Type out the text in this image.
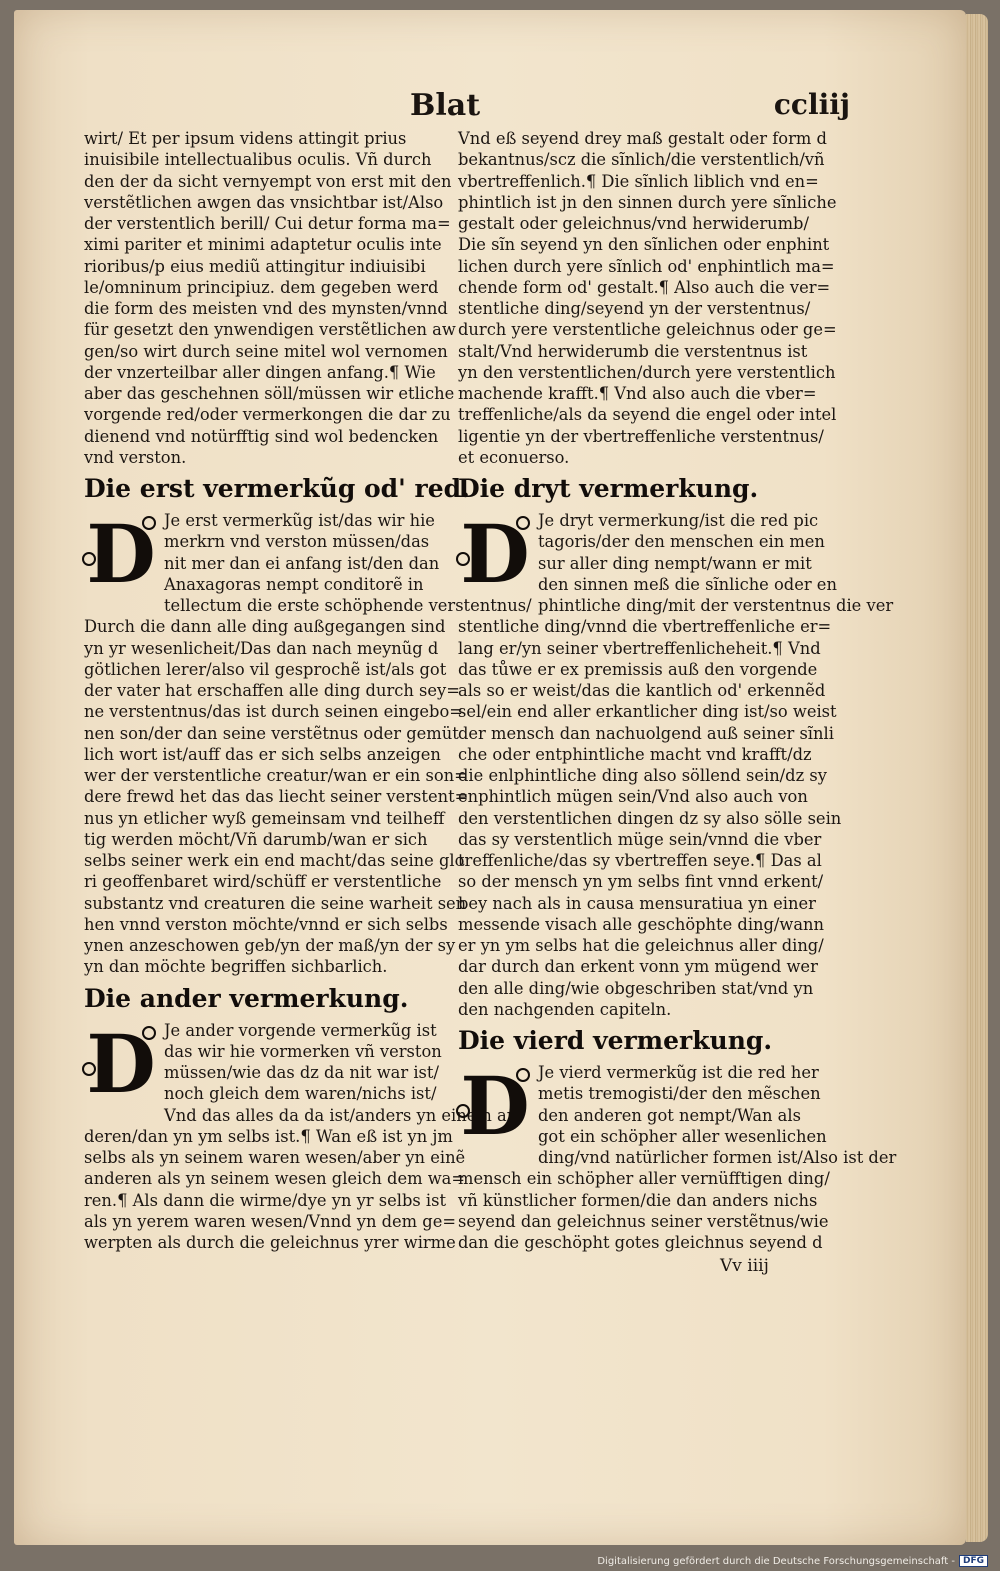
Blat	ccliij
wirt/ Et per ipsum videns attingit prius
inuisibile intellectualibus oculis. Vñ durch
den der da sicht vernyempt von erst mit den
verstẽtlichen awgen das vnsichtbar ist/Also
der verstentlich berill/ Cui detur forma ma=
ximi pariter et minimi adaptetur oculis inte
rioribus/p eius mediũ attingitur indiuisibi
le/omninum principiuz. dem gegeben werd
die form des meisten vnd des mynsten/vnnd
für gesetzt den ynwendigen verstẽtlichen aw
gen/so wirt durch seine mitel wol vernomen
der vnzerteilbar aller dingen anfang.¶ Wie
aber das geschehnen söll/müssen wir etliche
vorgende red/oder vermerkongen die dar zu
dienend vnd notürfftig sind wol bedencken
vnd verston.
Die erst vermerkũg od' red.
D Je erst vermerkũg ist/das wir hie
merkrn vnd verston müssen/das
nit mer dan ei anfang ist/den dan
Anaxagoras nempt conditorẽ in
tellectum die erste schöphende verstentnus/
Durch die dann alle ding außgegangen sind
yn yr wesenlicheit/Das dan nach meynũg d
götlichen lerer/also vil gesprochẽ ist/als got
der vater hat erschaffen alle ding durch sey=
ne verstentnus/das ist durch seinen eingebo=
nen son/der dan seine verstẽtnus oder gemüt
lich wort ist/auff das er sich selbs anzeigen
wer der verstentliche creatur/wan er ein son=
dere frewd het das das liecht seiner verstent=
nus yn etlicher wyß gemeinsam vnd teilheff
tig werden möcht/Vñ darumb/wan er sich
selbs seiner werk ein end macht/das seine glo
ri geoffenbaret wird/schüff er verstentliche
substantz vnd creaturen die seine warheit sen
hen vnnd verston möchte/vnnd er sich selbs
ynen anzeschowen geb/yn der maß/yn der sy
yn dan möchte begriffen sichbarlich.
Die ander vermerkung.
D Je ander vorgende vermerkũg ist
das wir hie vormerken vñ verston
müssen/wie das dz da nit war ist/
noch gleich dem waren/nichs ist/
Vnd das alles da da ist/anders yn einem an
deren/dan yn ym selbs ist.¶ Wan eß ist yn jm
selbs als yn seinem waren wesen/aber yn einẽ
anderen als yn seinem wesen gleich dem wa=
ren.¶ Als dann die wirme/dye yn yr selbs ist
als yn yerem waren wesen/Vnnd yn dem ge=
werpten als durch die geleichnus yrer wirme
Vnd eß seyend drey maß gestalt oder form d
bekantnus/scz die sĩnlich/die verstentlich/vñ
vbertreffenlich.¶ Die sĩnlich liblich vnd en=
phintlich ist jn den sinnen durch yere sĩnliche
gestalt oder geleichnus/vnd herwiderumb/
Die sĩn seyend yn den sĩnlichen oder enphint
lichen durch yere sĩnlich od' enphintlich ma=
chende form od' gestalt.¶ Also auch die ver=
stentliche ding/seyend yn der verstentnus/
durch yere verstentliche geleichnus oder ge=
stalt/Vnd herwiderumb die verstentnus ist
yn den verstentlichen/durch yere verstentlich
machende krafft.¶ Vnd also auch die vber=
treffenliche/als da seyend die engel oder intel
ligentie yn der vbertreffenliche verstentnus/
et econuerso.
Die dryt vermerkung.
D Je dryt vermerkung/ist die red pic
tagoris/der den menschen ein men
sur aller ding nempt/wann er mit
den sinnen meß die sĩnliche oder en
phintliche ding/mit der verstentnus die ver
stentliche ding/vnnd die vbertreffenliche er=
lang er/yn seiner vbertreffenlicheheit.¶ Vnd
das tůwe er ex premissis auß den vorgende
als so er weist/das die kantlich od' erkennẽd
sel/ein end aller erkantlicher ding ist/so weist
der mensch dan nachuolgend auß seiner sĩnli
che oder entphintliche macht vnd krafft/dz
die enlphintliche ding also söllend sein/dz sy
enphintlich mügen sein/Vnd also auch von
den verstentlichen dingen dz sy also sölle sein
das sy verstentlich müge sein/vnnd die vber
treffenliche/das sy vbertreffen seye.¶ Das al
so der mensch yn ym selbs fint vnnd erkent/
bey nach als in causa mensuratiua yn einer
messende visach alle geschöphte ding/wann
er yn ym selbs hat die geleichnus aller ding/
dar durch dan erkent vonn ym mügend wer
den alle ding/wie obgeschriben stat/vnd yn
den nachgenden capiteln.
Die vierd vermerkung.
D Je vierd vermerkũg ist die red her
metis tremogisti/der den mẽschen
den anderen got nempt/Wan als
got ein schöpher aller wesenlichen
ding/vnd natürlicher formen ist/Also ist der
mensch ein schöpher aller vernüfftigen ding/
vñ künstlicher formen/die dan anders nichs
seyend dan geleichnus seiner verstẽtnus/wie
dan die geschöpht gotes gleichnus seyend d
Vv iiij
Digitalisierung gefördert durch die Deutsche Forschungsgemeinschaft - DFG
